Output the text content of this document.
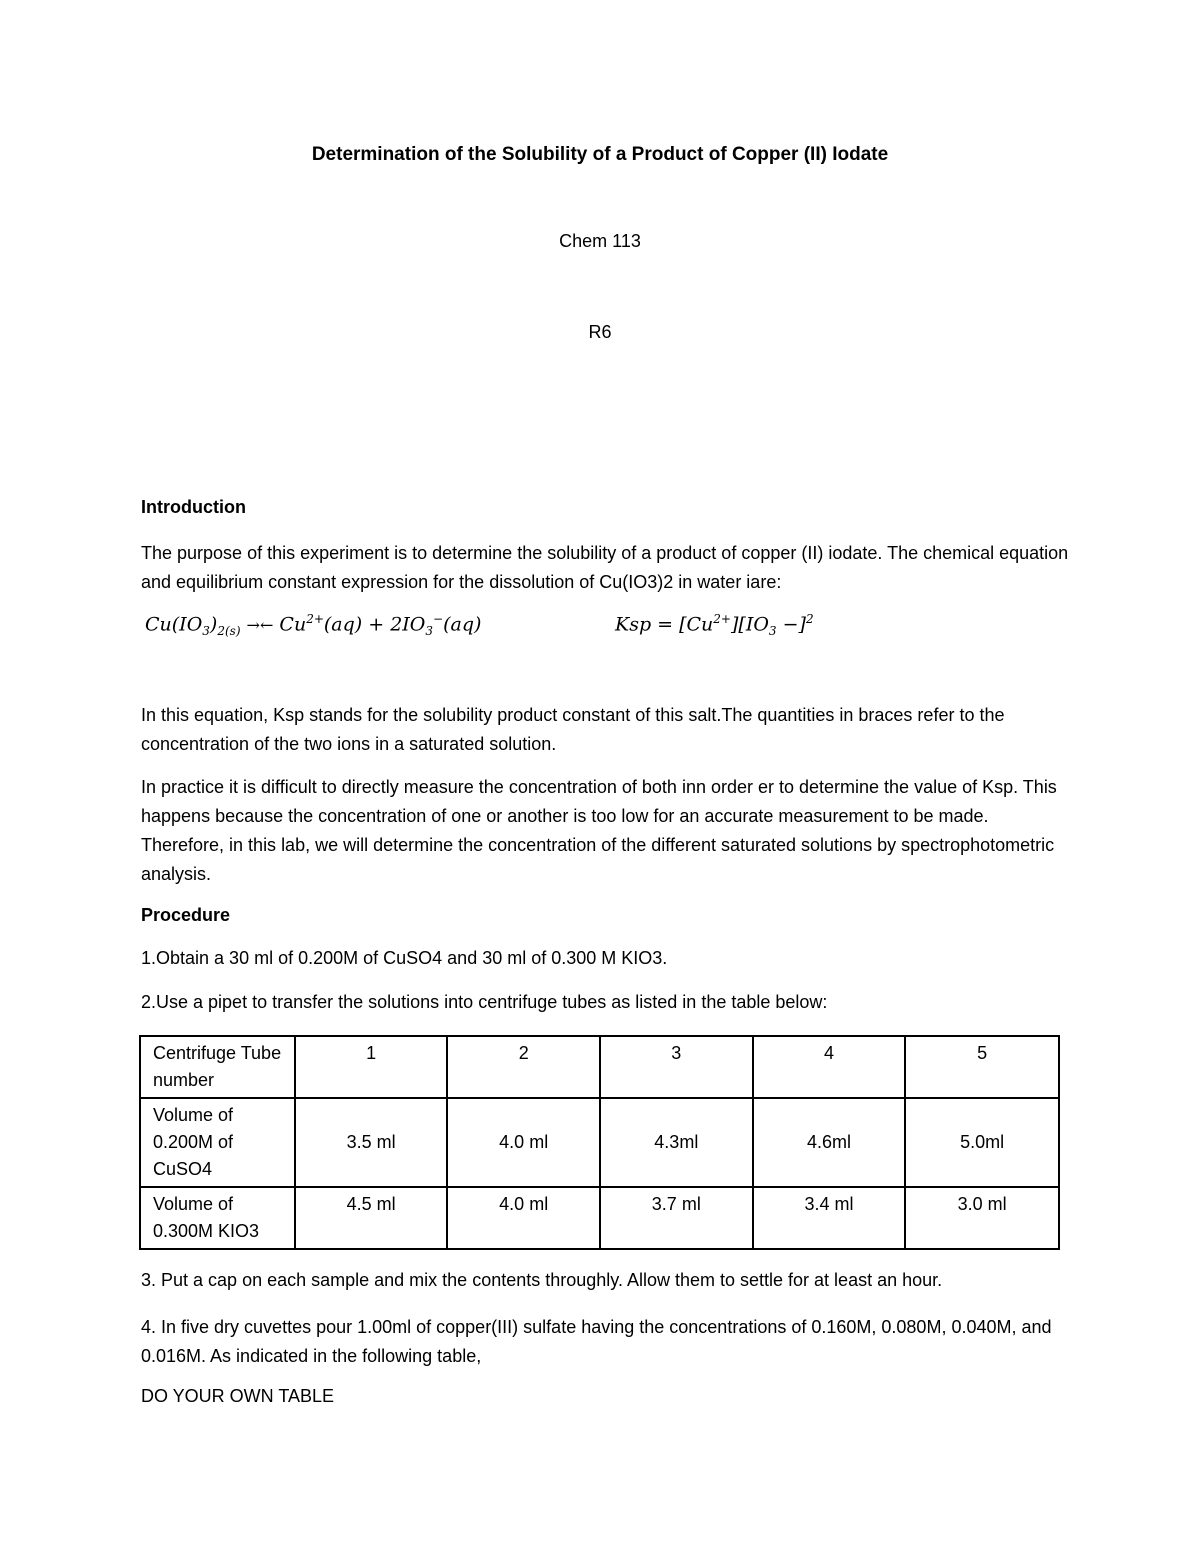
Determination of the Solubility of a Product of Copper (II) Iodate
Chem 113
R6
Introduction
The purpose of this experiment is to determine the solubility of a product of copper (II) iodate. The chemical equation and equilibrium constant expression for the dissolution of Cu(IO3)2 in water iare:
$Cu(IO_3)_{2(s)}$ →← $Cu^{2+}(aq) + 2IO_3^-(aq)$	Ksp = $[Cu^{2+}][IO_3 -]^2$
In this equation, Ksp stands for the solubility product constant of this salt.The quantities in braces refer to the concentration of the two ions in a saturated solution.
In practice it is difficult to directly measure the concentration of both inn order er to determine the value of Ksp. This happens because the concentration of one or another is too low for an accurate measurement to be made. Therefore, in this lab, we will determine the concentration of the different saturated solutions by spectrophotometric analysis.
Procedure
1.Obtain a 30 ml of 0.200M of CuSO4 and 30 ml of 0.300 M KIO3.
2.Use a pipet to transfer the solutions into centrifuge tubes as listed in the table below:
Centrifuge Tube number	1	2	3	4	5
Volume of 0.200M of CuSO4	3.5 ml	4.0 ml	4.3ml	4.6ml	5.0ml
Volume of 0.300M KIO3	4.5 ml	4.0 ml	3.7 ml	3.4 ml	3.0 ml
3. Put a cap on each sample and mix the contents throughly. Allow them to settle for at least an hour.
4. In five dry cuvettes pour 1.00ml of copper(III) sulfate having the concentrations of 0.160M, 0.080M, 0.040M, and 0.016M. As indicated in the following table,
DO YOUR OWN TABLE
